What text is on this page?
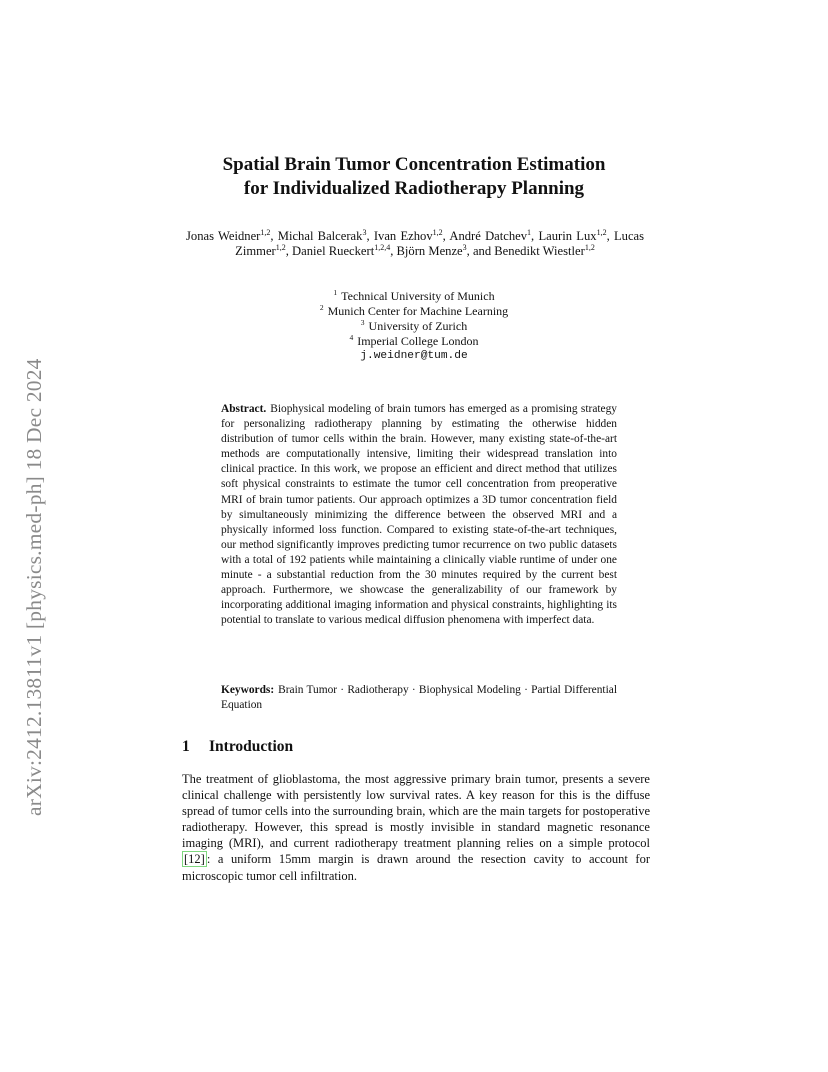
arXiv:2412.13811v1 [physics.med-ph] 18 Dec 2024
Spatial Brain Tumor Concentration Estimation
for Individualized Radiotherapy Planning
Jonas Weidner$^{1,2}$, Michal Balcerak$^3$, Ivan Ezhov$^{1,2}$, André Datchev$^1$, Laurin Lux$^{1,2}$, Lucas Zimmer$^{1,2}$, Daniel Rueckert$^{1,2,4}$, Björn Menze$^3$, and Benedikt Wiestler$^{1,2}$
$^1$ Technical University of Munich
$^2$ Munich Center for Machine Learning
$^3$ University of Zurich
$^4$ Imperial College London
j.weidner@tum.de
Abstract. Biophysical modeling of brain tumors has emerged as a promising strategy for personalizing radiotherapy planning by estimating the otherwise hidden distribution of tumor cells within the brain. However, many existing state-of-the-art methods are computationally intensive, limiting their widespread translation into clinical practice. In this work, we propose an efficient and direct method that utilizes soft physical constraints to estimate the tumor cell concentration from preoperative MRI of brain tumor patients. Our approach optimizes a 3D tumor concentration field by simultaneously minimizing the difference between the observed MRI and a physically informed loss function. Compared to existing state-of-the-art techniques, our method significantly improves predicting tumor recurrence on two public datasets with a total of 192 patients while maintaining a clinically viable runtime of under one minute - a substantial reduction from the 30 minutes required by the current best approach. Furthermore, we showcase the generalizability of our framework by incorporating additional imaging information and physical constraints, highlighting its potential to translate to various medical diffusion phenomena with imperfect data.
Keywords: Brain Tumor · Radiotherapy · Biophysical Modeling · Partial Differential Equation
1 Introduction
The treatment of glioblastoma, the most aggressive primary brain tumor, presents a severe clinical challenge with persistently low survival rates. A key reason for this is the diffuse spread of tumor cells into the surrounding brain, which are the main targets for postoperative radiotherapy. However, this spread is mostly invisible in standard magnetic resonance imaging (MRI), and current radiotherapy treatment planning relies on a simple protocol [12] : a uniform 15mm margin is drawn around the resection cavity to account for microscopic tumor cell infiltration.
